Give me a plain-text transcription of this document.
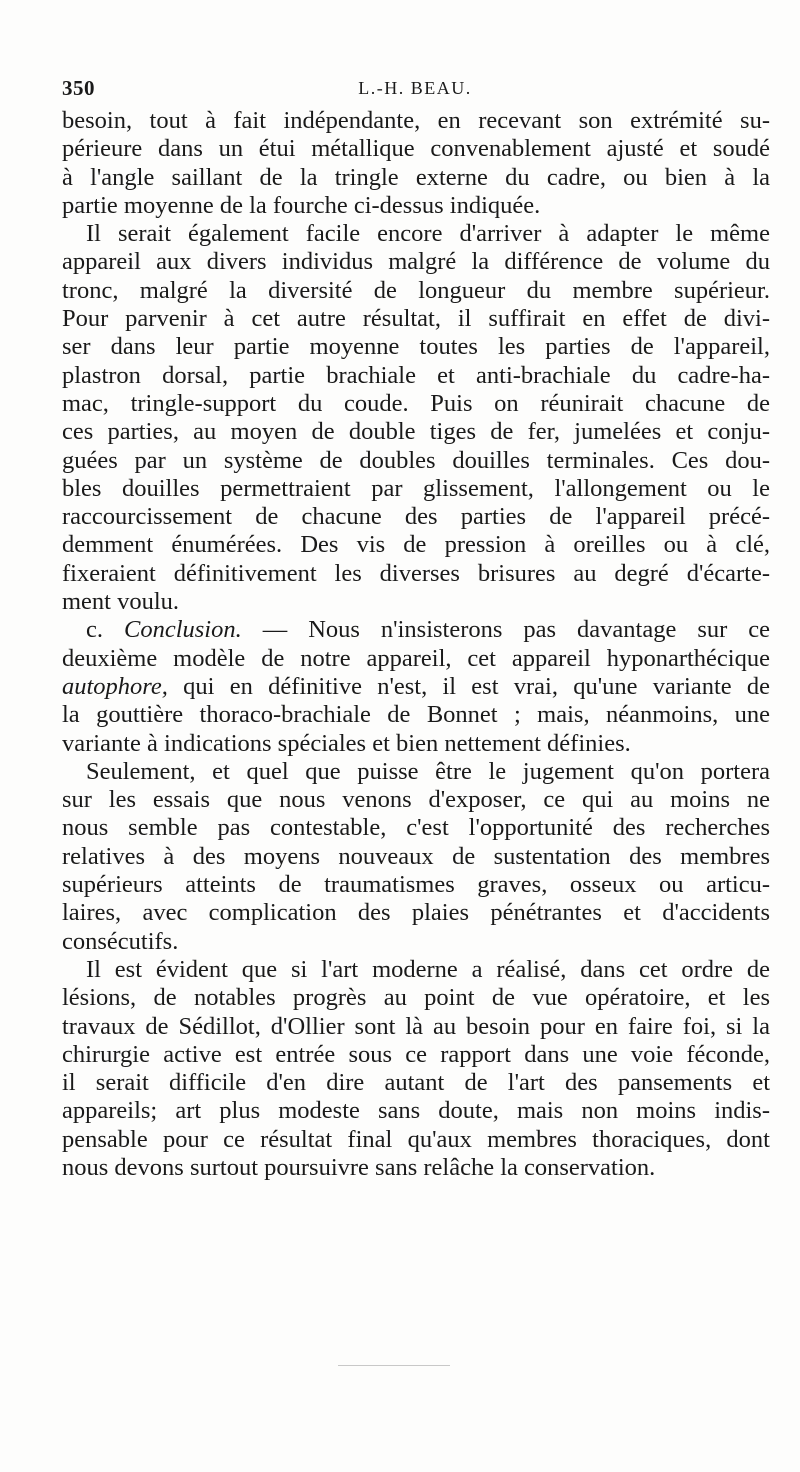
350	L.-H. BEAU.
besoin, tout à fait indépendante, en recevant son extrémité su-
périeure dans un étui métallique convenablement ajusté et soudé
à l'angle saillant de la tringle externe du cadre, ou bien à la
partie moyenne de la fourche ci-dessus indiquée.
Il serait également facile encore d'arriver à adapter le même
appareil aux divers individus malgré la différence de volume du
tronc, malgré la diversité de longueur du membre supérieur.
Pour parvenir à cet autre résultat, il suffirait en effet de divi-
ser dans leur partie moyenne toutes les parties de l'appareil,
plastron dorsal, partie brachiale et anti-brachiale du cadre-ha-
mac, tringle-support du coude. Puis on réunirait chacune de
ces parties, au moyen de double tiges de fer, jumelées et conju-
guées par un système de doubles douilles terminales. Ces dou-
bles douilles permettraient par glissement, l'allongement ou le
raccourcissement de chacune des parties de l'appareil précé-
demment énumérées. Des vis de pression à oreilles ou à clé,
fixeraient définitivement les diverses brisures au degré d'écarte-
ment voulu.
c. Conclusion. — Nous n'insisterons pas davantage sur ce
deuxième modèle de notre appareil, cet appareil hyponarthécique
autophore, qui en définitive n'est, il est vrai, qu'une variante de
la gouttière thoraco-brachiale de Bonnet ; mais, néanmoins, une
variante à indications spéciales et bien nettement définies.
Seulement, et quel que puisse être le jugement qu'on portera
sur les essais que nous venons d'exposer, ce qui au moins ne
nous semble pas contestable, c'est l'opportunité des recherches
relatives à des moyens nouveaux de sustentation des membres
supérieurs atteints de traumatismes graves, osseux ou articu-
laires, avec complication des plaies pénétrantes et d'accidents
consécutifs.
Il est évident que si l'art moderne a réalisé, dans cet ordre de
lésions, de notables progrès au point de vue opératoire, et les
travaux de Sédillot, d'Ollier sont là au besoin pour en faire foi, si la
chirurgie active est entrée sous ce rapport dans une voie féconde,
il serait difficile d'en dire autant de l'art des pansements et
appareils; art plus modeste sans doute, mais non moins indis-
pensable pour ce résultat final qu'aux membres thoraciques, dont
nous devons surtout poursuivre sans relâche la conservation.
